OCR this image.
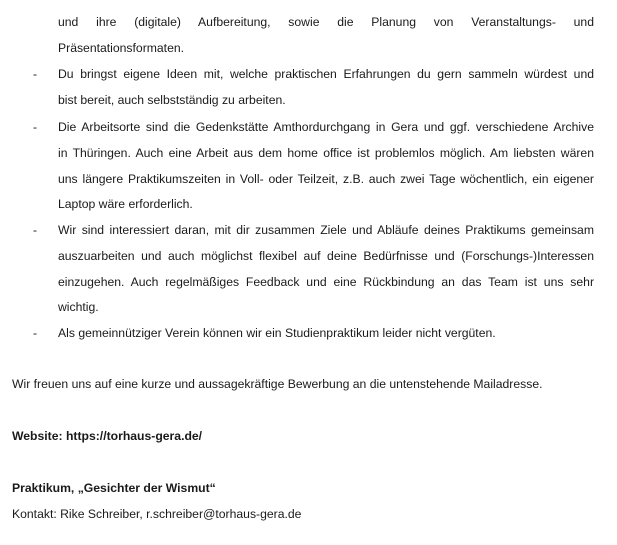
und ihre (digitale) Aufbereitung, sowie die Planung von Veranstaltungs- und
Präsentationsformaten.
- Du bringst eigene Ideen mit, welche praktischen Erfahrungen du gern sammeln würdest und
bist bereit, auch selbstständig zu arbeiten.
- Die Arbeitsorte sind die Gedenkstätte Amthordurchgang in Gera und ggf. verschiedene Archive
in Thüringen. Auch eine Arbeit aus dem home office ist problemlos möglich. Am liebsten wären
uns längere Praktikumszeiten in Voll- oder Teilzeit, z.B. auch zwei Tage wöchentlich, ein eigener
Laptop wäre erforderlich.
- Wir sind interessiert daran, mit dir zusammen Ziele und Abläufe deines Praktikums gemeinsam
auszuarbeiten und auch möglichst flexibel auf deine Bedürfnisse und (Forschungs-)Interessen
einzugehen. Auch regelmäßiges Feedback und eine Rückbindung an das Team ist uns sehr
wichtig.
- Als gemeinnütziger Verein können wir ein Studienpraktikum leider nicht vergüten.
Wir freuen uns auf eine kurze und aussagekräftige Bewerbung an die untenstehende Mailadresse.
Website: https://torhaus-gera.de/
Praktikum, „Gesichter der Wismut“
Kontakt: Rike Schreiber, r.schreiber@torhaus-gera.de
